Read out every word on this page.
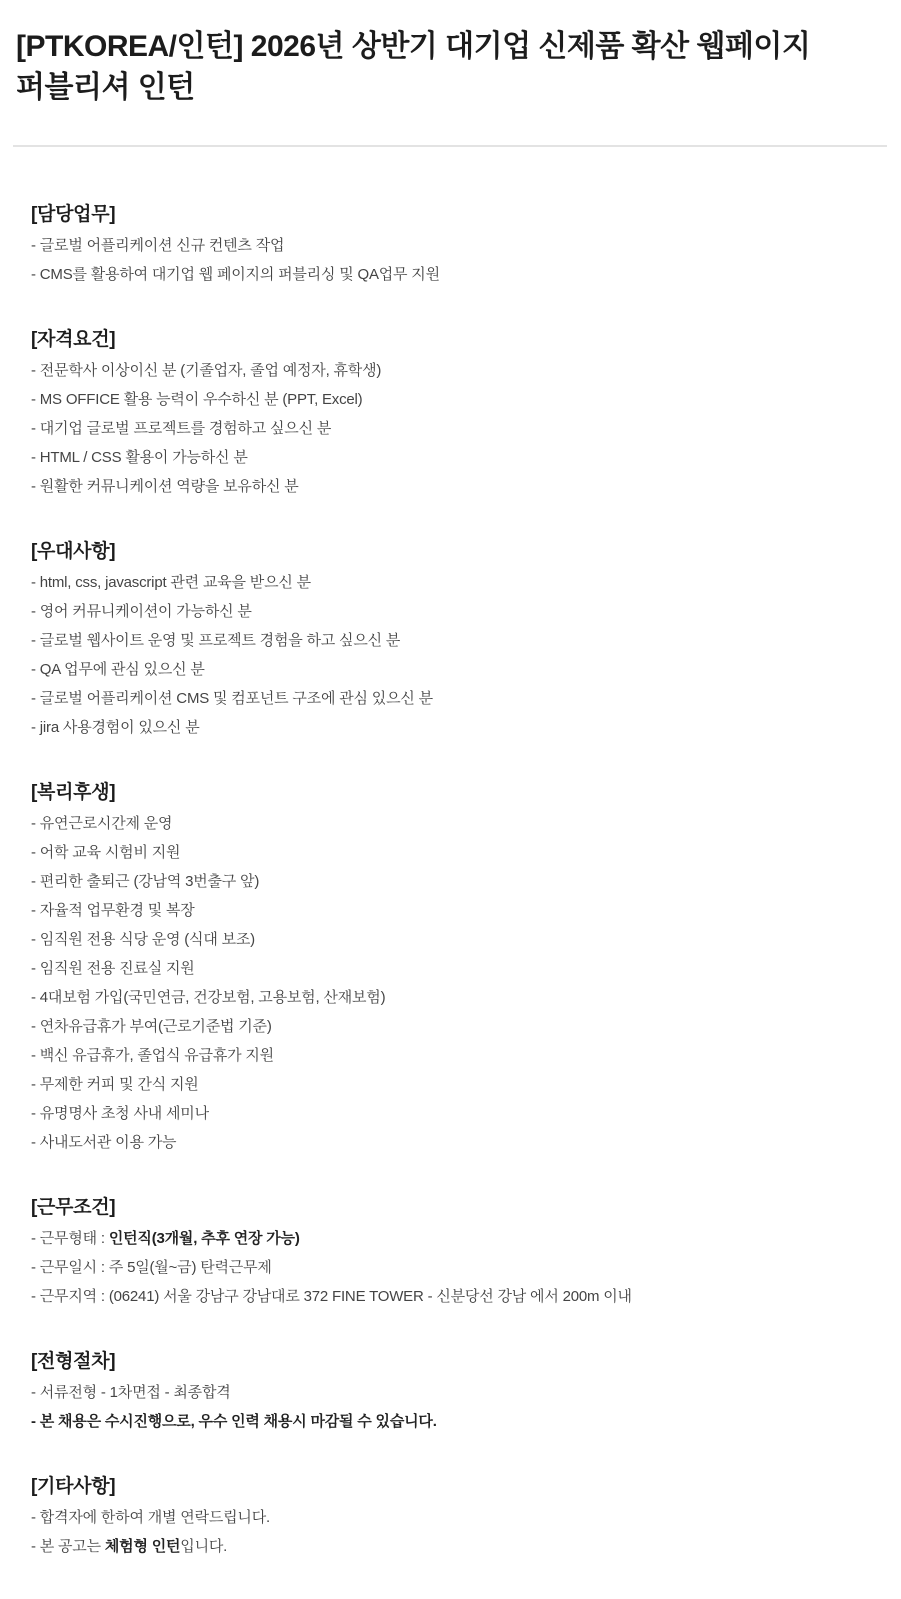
[PTKOREA/인턴] 2026년 상반기 대기업 신제품 확산 웹페이지 퍼블리셔 인턴
[담당업무]

- 글로벌 어플리케이션 신규 컨텐츠 작업

- CMS를 활용하여 대기업 웹 페이지의 퍼블리싱 및 QA업무 지원

[자격요건]

- 전문학사 이상이신 분 (기졸업자, 졸업 예정자, 휴학생)

- MS OFFICE 활용 능력이 우수하신 분 (PPT, Excel)

- 대기업 글로벌 프로젝트를 경험하고 싶으신 분

- HTML / CSS 활용이 가능하신 분

- 원활한 커뮤니케이션 역량을 보유하신 분

[우대사항]

- html, css, javascript 관련 교육을 받으신 분

- 영어 커뮤니케이션이 가능하신 분

- 글로벌 웹사이트 운영 및 프로젝트 경험을 하고 싶으신 분

- QA 업무에 관심 있으신 분

- 글로벌 어플리케이션 CMS 및 컴포넌트 구조에 관심 있으신 분

- jira 사용경험이 있으신 분

[복리후생]

- 유연근로시간제 운영

- 어학 교육 시험비 지원

- 편리한 출퇴근 (강남역 3번출구 앞)

- 자율적 업무환경 및 복장

- 임직원 전용 식당 운영 (식대 보조)

- 임직원 전용 진료실 지원

- 4대보험 가입(국민연금, 건강보험, 고용보험, 산재보험)

- 연차유급휴가 부여(근로기준법 기준)

- 백신 유급휴가, 졸업식 유급휴가 지원

- 무제한 커피 및 간식 지원

- 유명명사 초청 사내 세미나

- 사내도서관 이용 가능

[근무조건]

- 근무형태 : 인턴직(3개월, 추후 연장 가능)

- 근무일시 : 주 5일(월~금) 탄력근무제

- 근무지역 : (06241) 서울 강남구 강남대로 372 FINE TOWER - 신분당선 강남 에서 200m 이내

[전형절차]

- 서류전형 - 1차면접 - 최종합격

- 본 채용은 수시진행으로, 우수 인력 채용시 마감될 수 있습니다.

[기타사항]

- 합격자에 한하여 개별 연락드립니다.

- 본 공고는 체험형 인턴입니다.
